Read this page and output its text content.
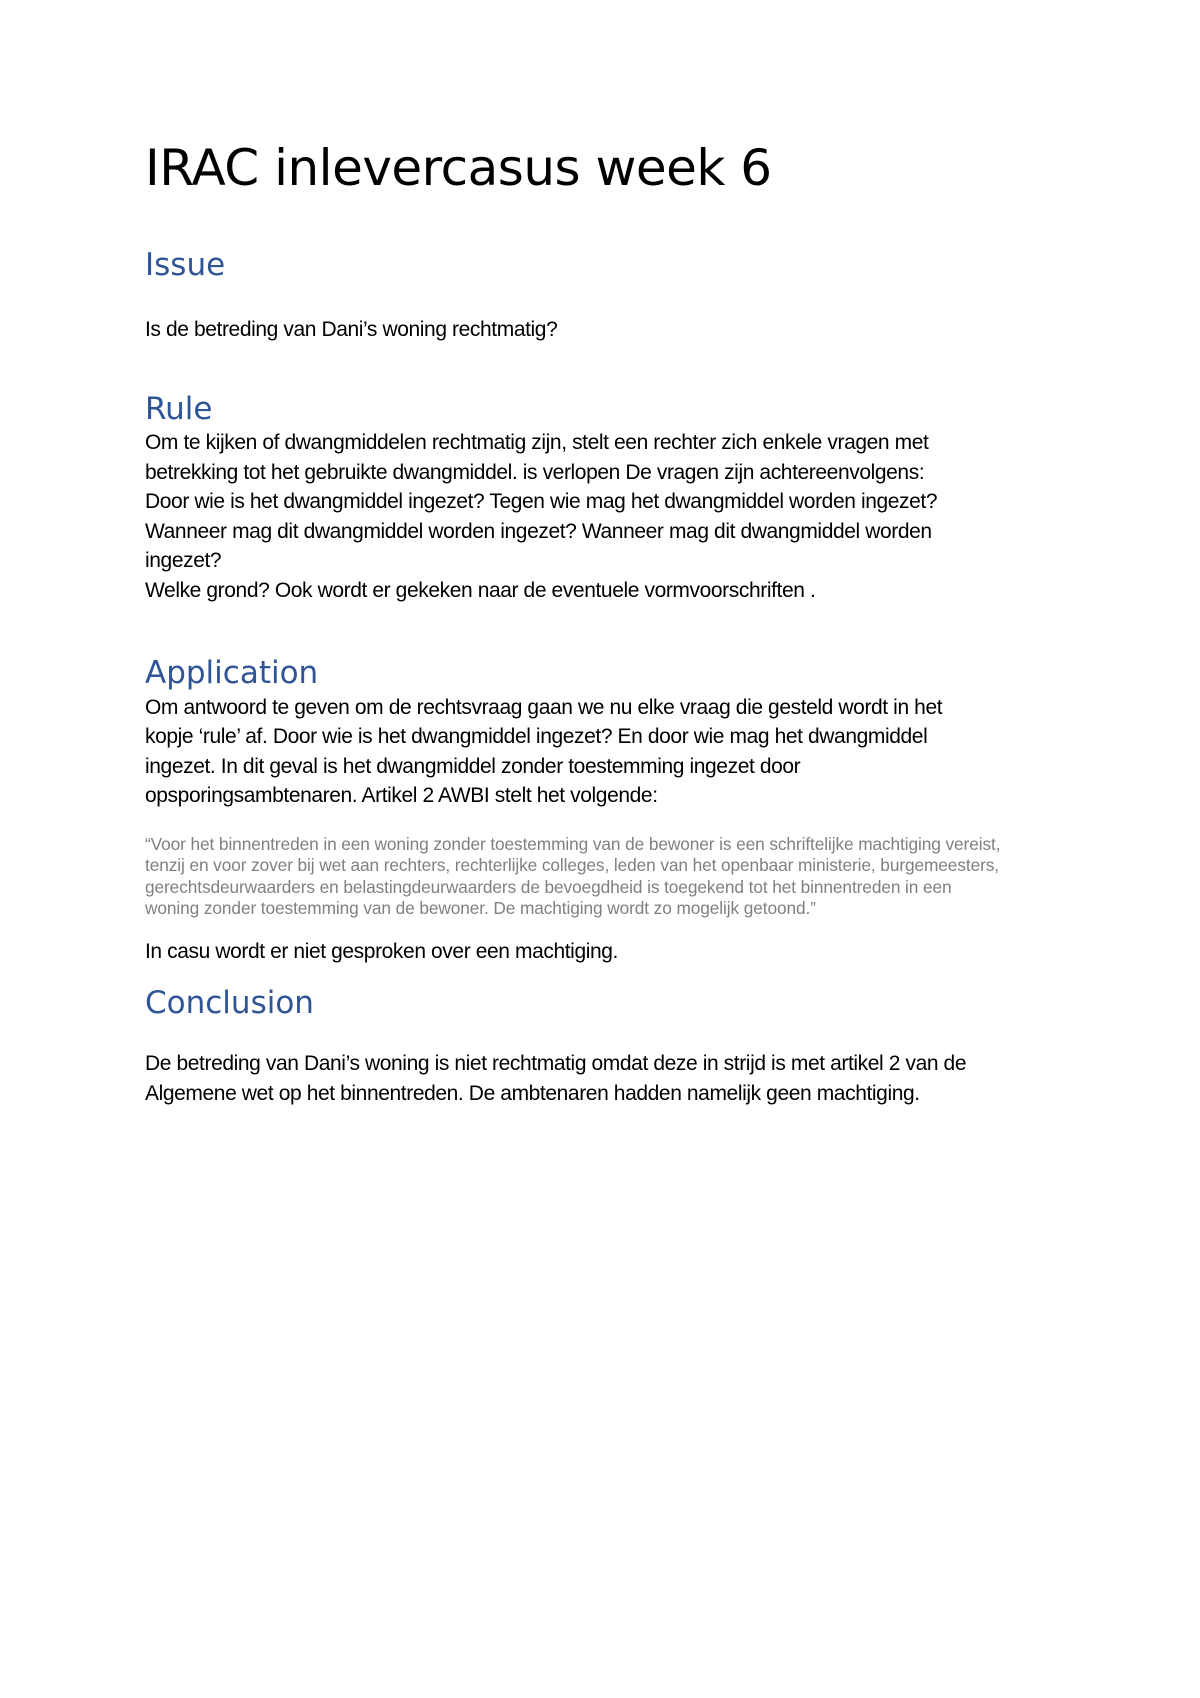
IRAC inlevercasus week 6
Issue

Is de betreding van Dani’s woning rechtmatig?

Rule

Om te kijken of dwangmiddelen rechtmatig zijn, stelt een rechter zich enkele vragen met
betrekking tot het gebruikte dwangmiddel. is verlopen De vragen zijn achtereenvolgens:
Door wie is het dwangmiddel ingezet? Tegen wie mag het dwangmiddel worden ingezet?
Wanneer mag dit dwangmiddel worden ingezet? Wanneer mag dit dwangmiddel worden
ingezet?
Welke grond? Ook wordt er gekeken naar de eventuele vormvoorschriften .

Application

Om antwoord te geven om de rechtsvraag gaan we nu elke vraag die gesteld wordt in het
kopje ‘rule’ af. Door wie is het dwangmiddel ingezet? En door wie mag het dwangmiddel
ingezet. In dit geval is het dwangmiddel zonder toestemming ingezet door
opsporingsambtenaren. Artikel 2 AWBI stelt het volgende:

“Voor het binnentreden in een woning zonder toestemming van de bewoner is een schriftelijke machtiging vereist,
tenzij en voor zover bij wet aan rechters, rechterlijke colleges, leden van het openbaar ministerie, burgemeesters,
gerechtsdeurwaarders en belastingdeurwaarders de bevoegdheid is toegekend tot het binnentreden in een
woning zonder toestemming van de bewoner. De machtiging wordt zo mogelijk getoond.”

In casu wordt er niet gesproken over een machtiging.

Conclusion

De betreding van Dani’s woning is niet rechtmatig omdat deze in strijd is met artikel 2 van de
Algemene wet op het binnentreden. De ambtenaren hadden namelijk geen machtiging.
